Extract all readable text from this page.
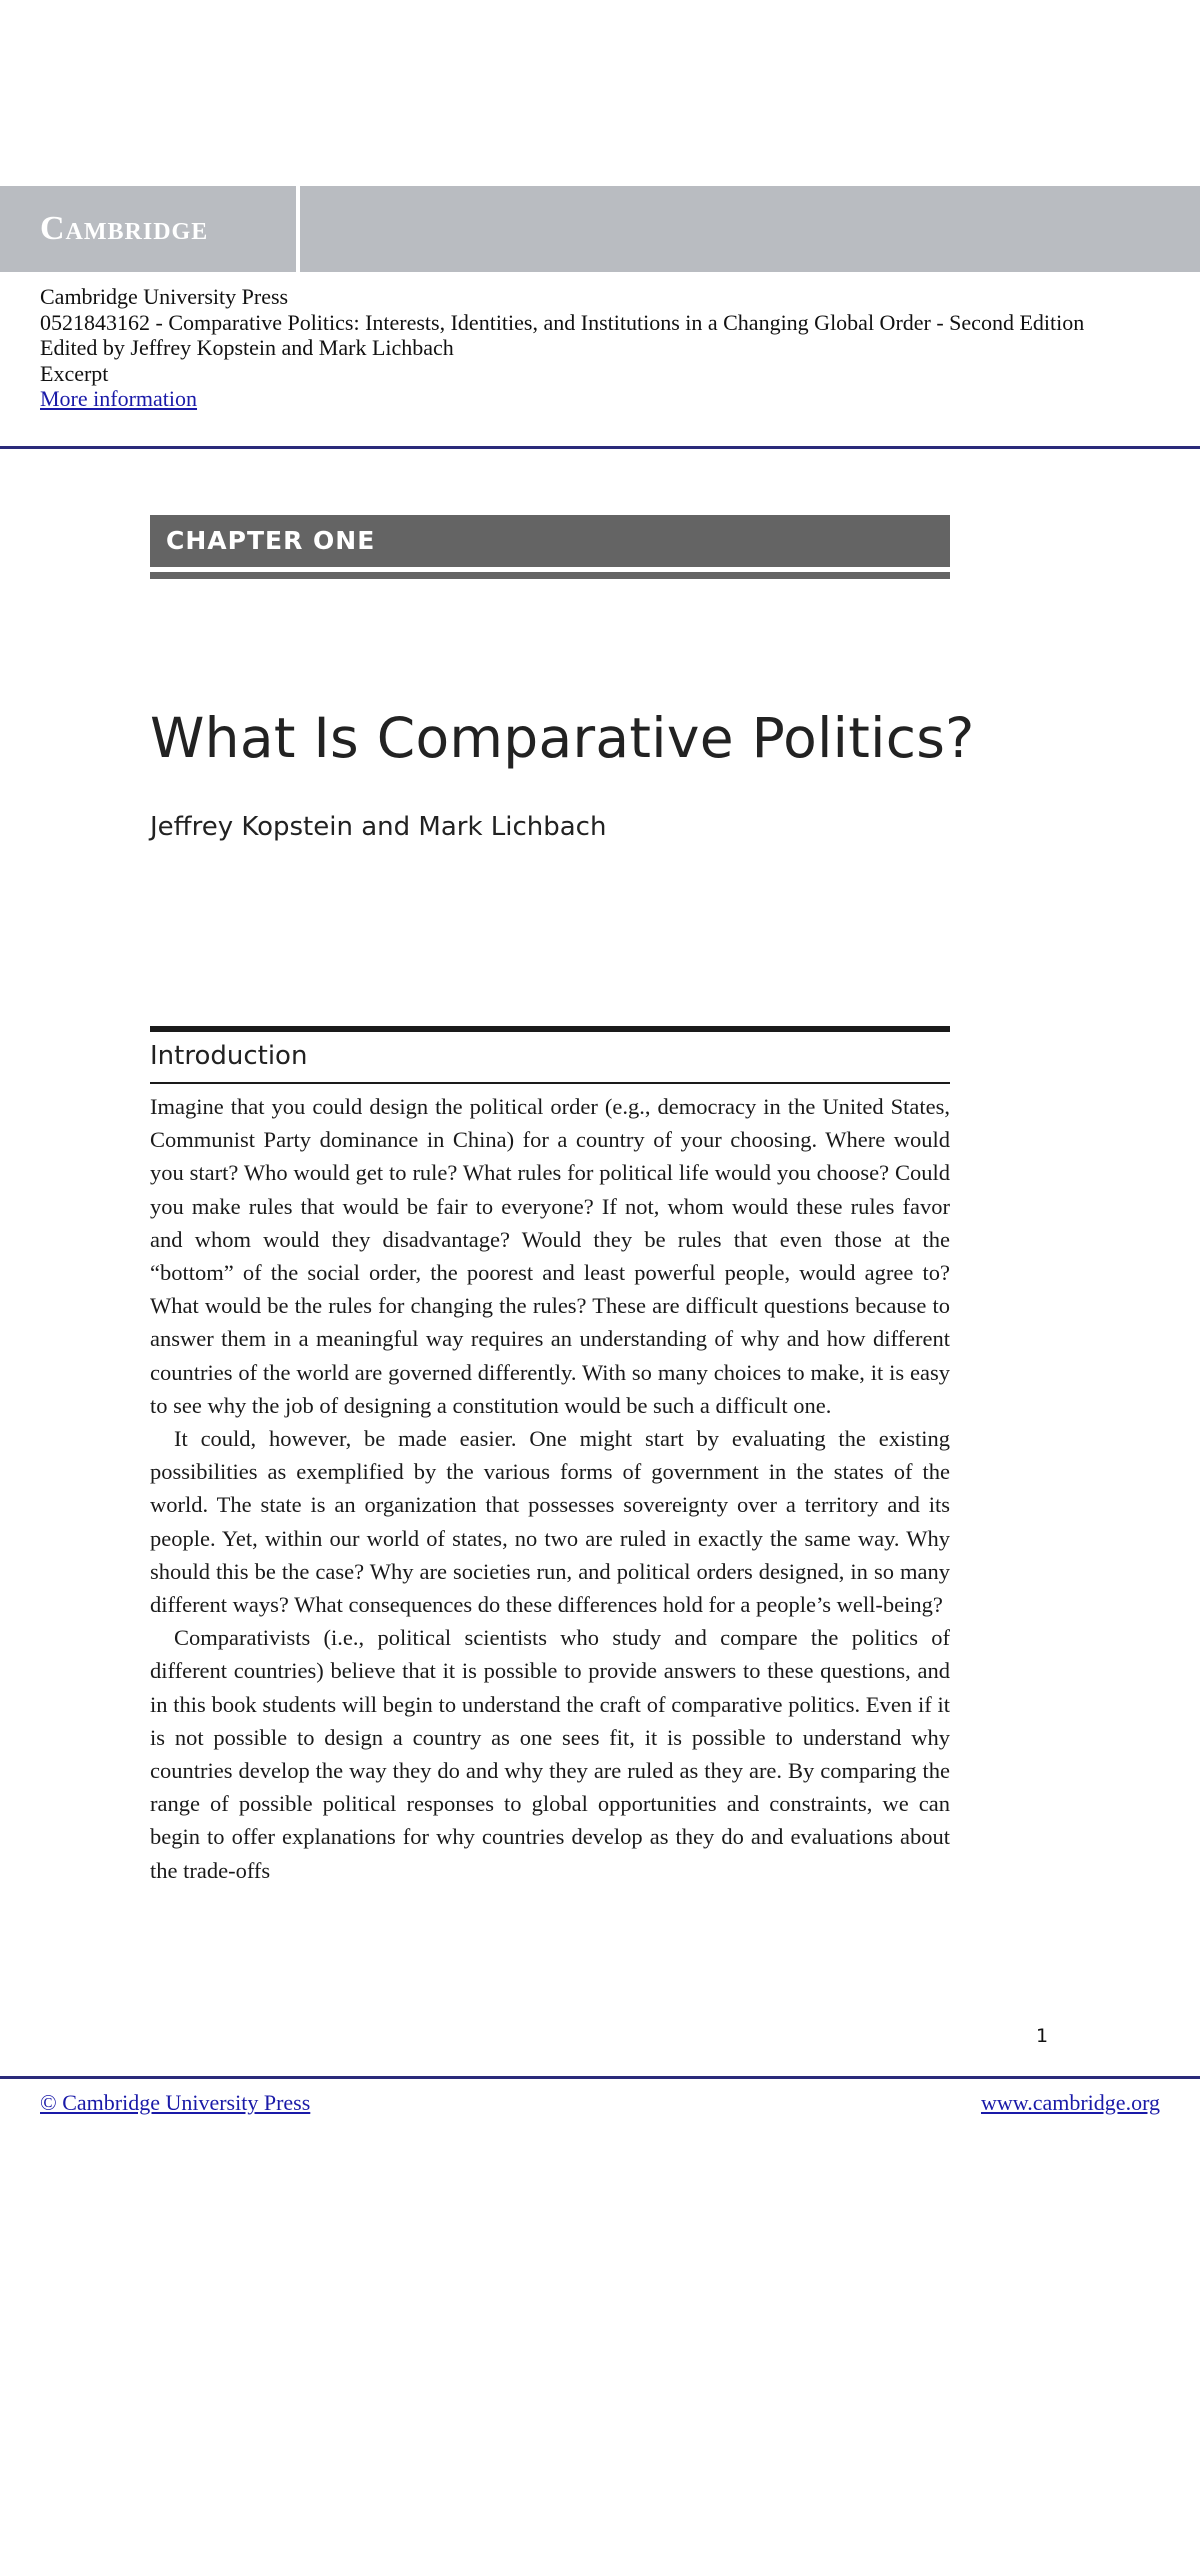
Cambridge
Cambridge University Press
0521843162 - Comparative Politics: Interests, Identities, and Institutions in a Changing Global Order - Second Edition
Edited by Jeffrey Kopstein and Mark Lichbach
Excerpt
More information
CHAPTER ONE
What Is Comparative Politics?
Jeffrey Kopstein and Mark Lichbach
Introduction

Imagine that you could design the political order (e.g., democracy in the United States, Communist Party dominance in China) for a country of your choosing. Where would you start? Who would get to rule? What rules for political life would you choose? Could you make rules that would be fair to everyone? If not, whom would these rules favor and whom would they disadvantage? Would they be rules that even those at the “bottom” of the social order, the poorest and least powerful people, would agree to? What would be the rules for changing the rules? These are difficult questions because to answer them in a meaningful way requires an understanding of why and how different countries of the world are governed differently. With so many choices to make, it is easy to see why the job of designing a constitution would be such a difficult one.

It could, however, be made easier. One might start by evaluating the existing possibilities as exemplified by the various forms of government in the states of the world. The state is an organization that possesses sovereignty over a territory and its people. Yet, within our world of states, no two are ruled in exactly the same way. Why should this be the case? Why are societies run, and political orders designed, in so many different ways? What consequences do these differences hold for a people’s well-being?

Comparativists (i.e., political scientists who study and compare the politics of different countries) believe that it is possible to provide answers to these questions, and in this book students will begin to understand the craft of comparative politics. Even if it is not possible to design a country as one sees fit, it is possible to understand why countries develop the way they do and why they are ruled as they are. By comparing the range of possible political responses to global opportunities and constraints, we can begin to offer explanations for why countries develop as they do and evaluations about the trade-offs

1
© Cambridge University Press	www.cambridge.org
